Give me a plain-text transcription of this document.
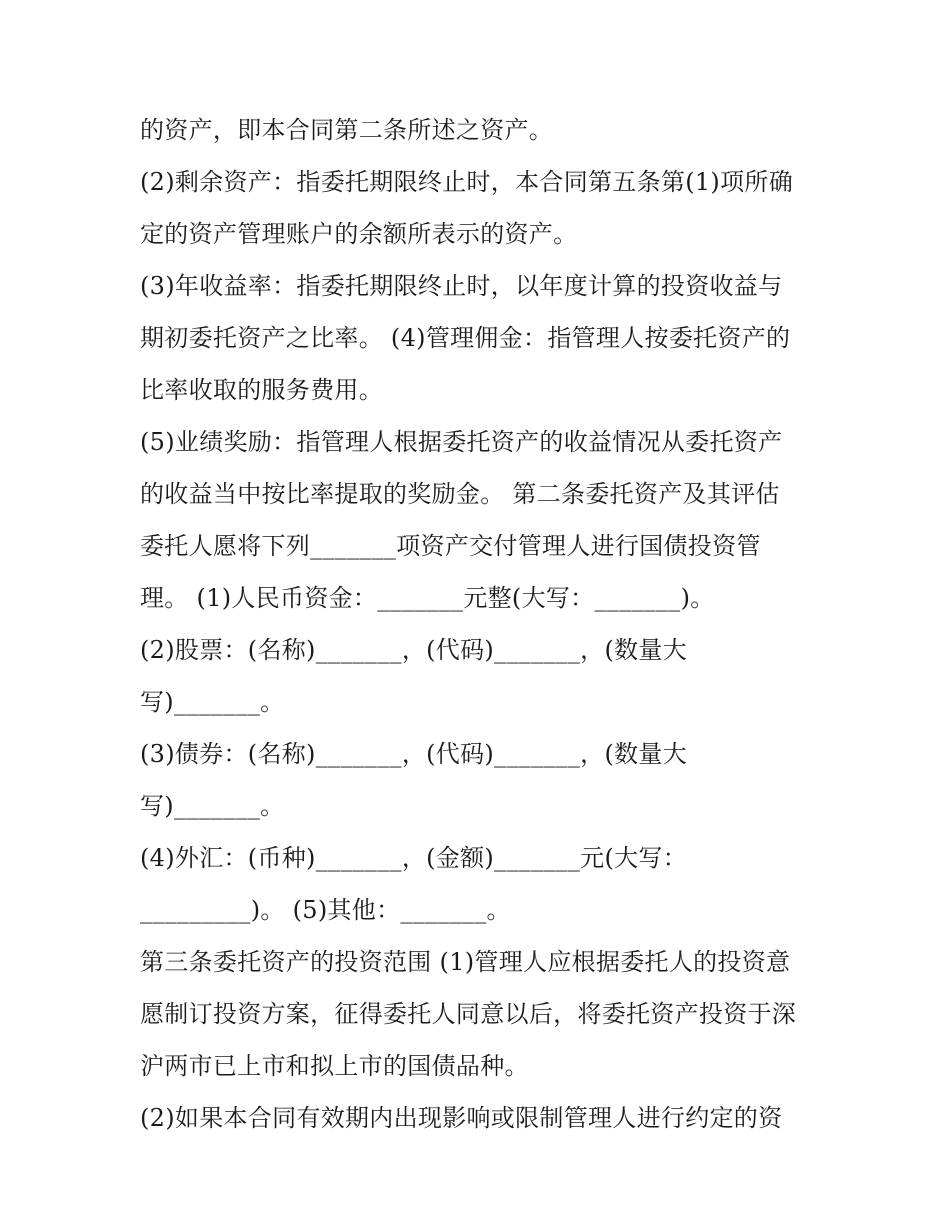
的资产，即本合同第二条所述之资产。
(2)剩余资产：指委托期限终止时，本合同第五条第(1)项所确
定的资产管理账户的余额所表示的资产。
(3)年收益率：指委托期限终止时，以年度计算的投资收益与
期初委托资产之比率。 (4)管理佣金：指管理人按委托资产的
比率收取的服务费用。
(5)业绩奖励：指管理人根据委托资产的收益情况从委托资产
的收益当中按比率提取的奖励金。 第二条委托资产及其评估
委托人愿将下列_______项资产交付管理人进行国债投资管
理。 (1)人民币资金：_______元整(大写：_______)。
(2)股票：(名称)_______，(代码)_______，(数量大
写)_______。
(3)债券：(名称)_______，(代码)_______，(数量大
写)_______。
(4)外汇：(币种)_______，(金额)_______元(大写：
_________)。 (5)其他：_______。
第三条委托资产的投资范围 (1)管理人应根据委托人的投资意
愿制订投资方案，征得委托人同意以后，将委托资产投资于深
沪两市已上市和拟上市的国债品种。
(2)如果本合同有效期内出现影响或限制管理人进行约定的资
